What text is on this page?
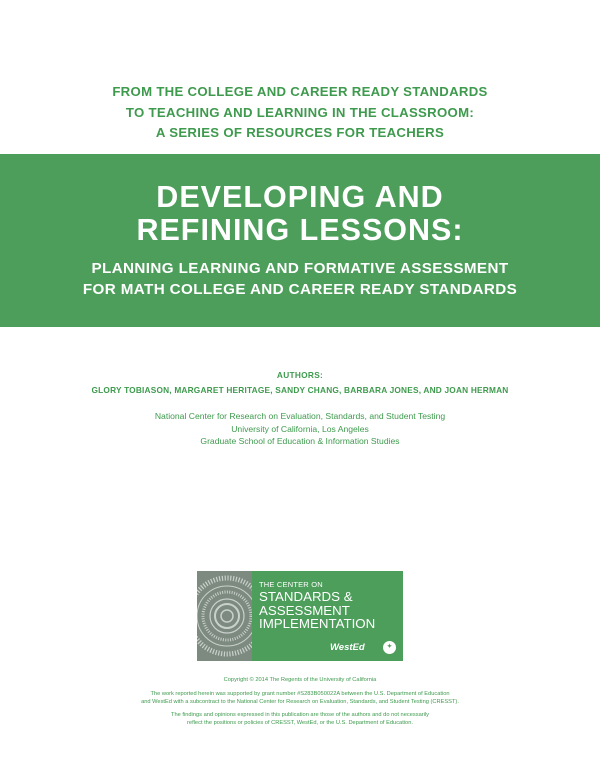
FROM THE COLLEGE AND CAREER READY STANDARDS
TO TEACHING AND LEARNING IN THE CLASSROOM:
A SERIES OF RESOURCES FOR TEACHERS
DEVELOPING AND
REFINING LESSONS:
PLANNING LEARNING AND FORMATIVE ASSESSMENT
FOR MATH COLLEGE AND CAREER READY STANDARDS
AUTHORS:
GLORY TOBIASON, MARGARET HERITAGE, SANDY CHANG, BARBARA JONES, AND JOAN HERMAN
National Center for Research on Evaluation, Standards, and Student Testing
University of California, Los Angeles
Graduate School of Education & Information Studies
THE CENTER ON
STANDARDS &
ASSESSMENT
IMPLEMENTATION
WestEd	✦
Copyright © 2014 The Regents of the University of California
The work reported herein was supported by grant number #S283B050022A between the U.S. Department of Education
and WestEd with a subcontract to the National Center for Research on Evaluation, Standards, and Student Testing (CRESST).
The findings and opinions expressed in this publication are those of the authors and do not necessarily
reflect the positions or policies of CRESST, WestEd, or the U.S. Department of Education.
